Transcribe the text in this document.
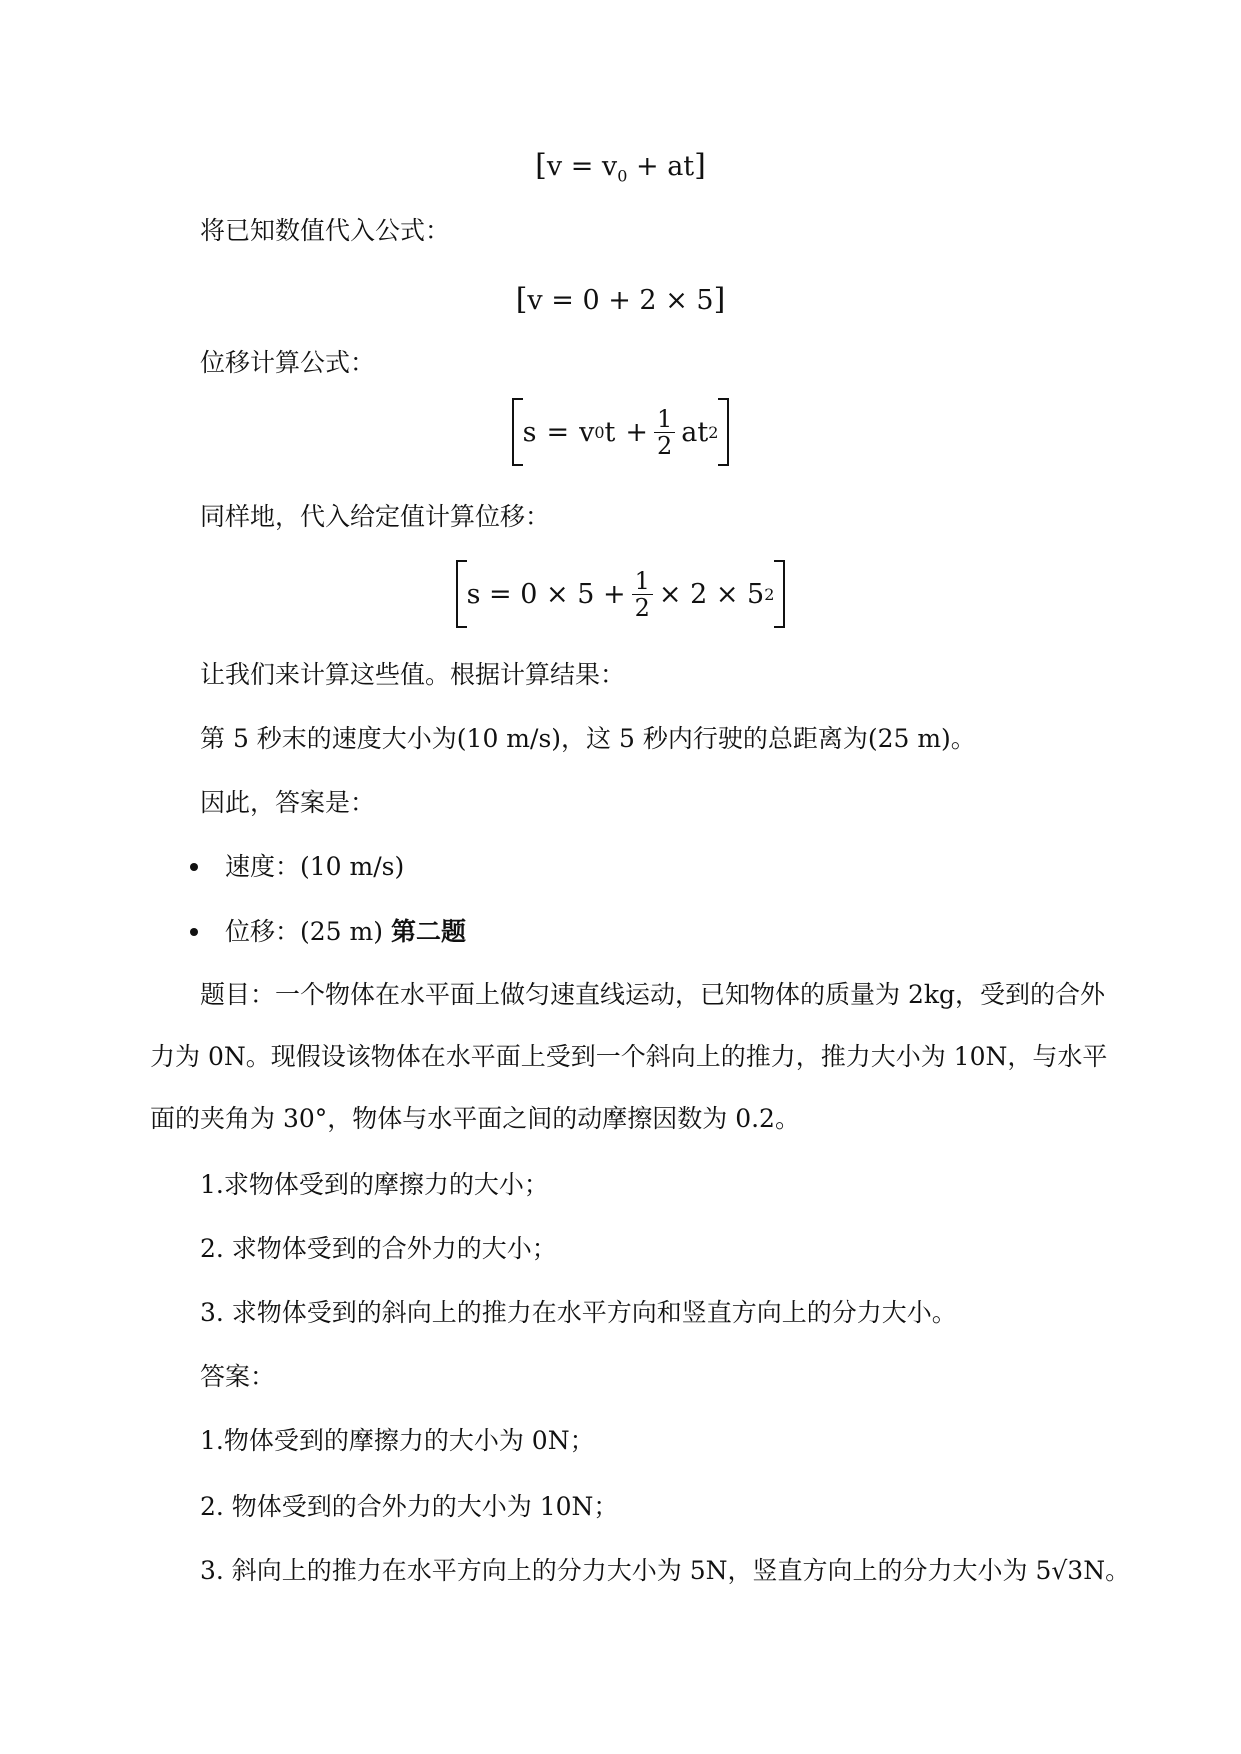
$[v = v_0 + at]$
将已知数值代入公式：
[v = 0 + 2 × 5]
位移计算公式：
s = v 0 $t + \frac{1}{2}$ at 2
同样地，代入给定值计算位移：
$s = 0 \times 5 + \frac{1}{2} \times 2 \times 5$ 2
让我们来计算这些值。根据计算结果：
第 5 秒末的速度大小为(10 m/s)，这 5 秒内行驶的总距离为(25 m)。
因此，答案是：
速度：(10 m/s)
位移：(25 m) 第二题
题目：一个物体在水平面上做匀速直线运动，已知物体的质量为 2kg，受到的合外
力为 0N。现假设该物体在水平面上受到一个斜向上的推力，推力大小为 10N，与水平
面的夹角为 30°，物体与水平面之间的动摩擦因数为 0.2。
1.求物体受到的摩擦力的大小；
2. 求物体受到的合外力的大小；
3. 求物体受到的斜向上的推力在水平方向和竖直方向上的分力大小。
答案：
1.物体受到的摩擦力的大小为 0N；
2. 物体受到的合外力的大小为 10N；
3. 斜向上的推力在水平方向上的分力大小为 5N，竖直方向上的分力大小为 5√3N。
